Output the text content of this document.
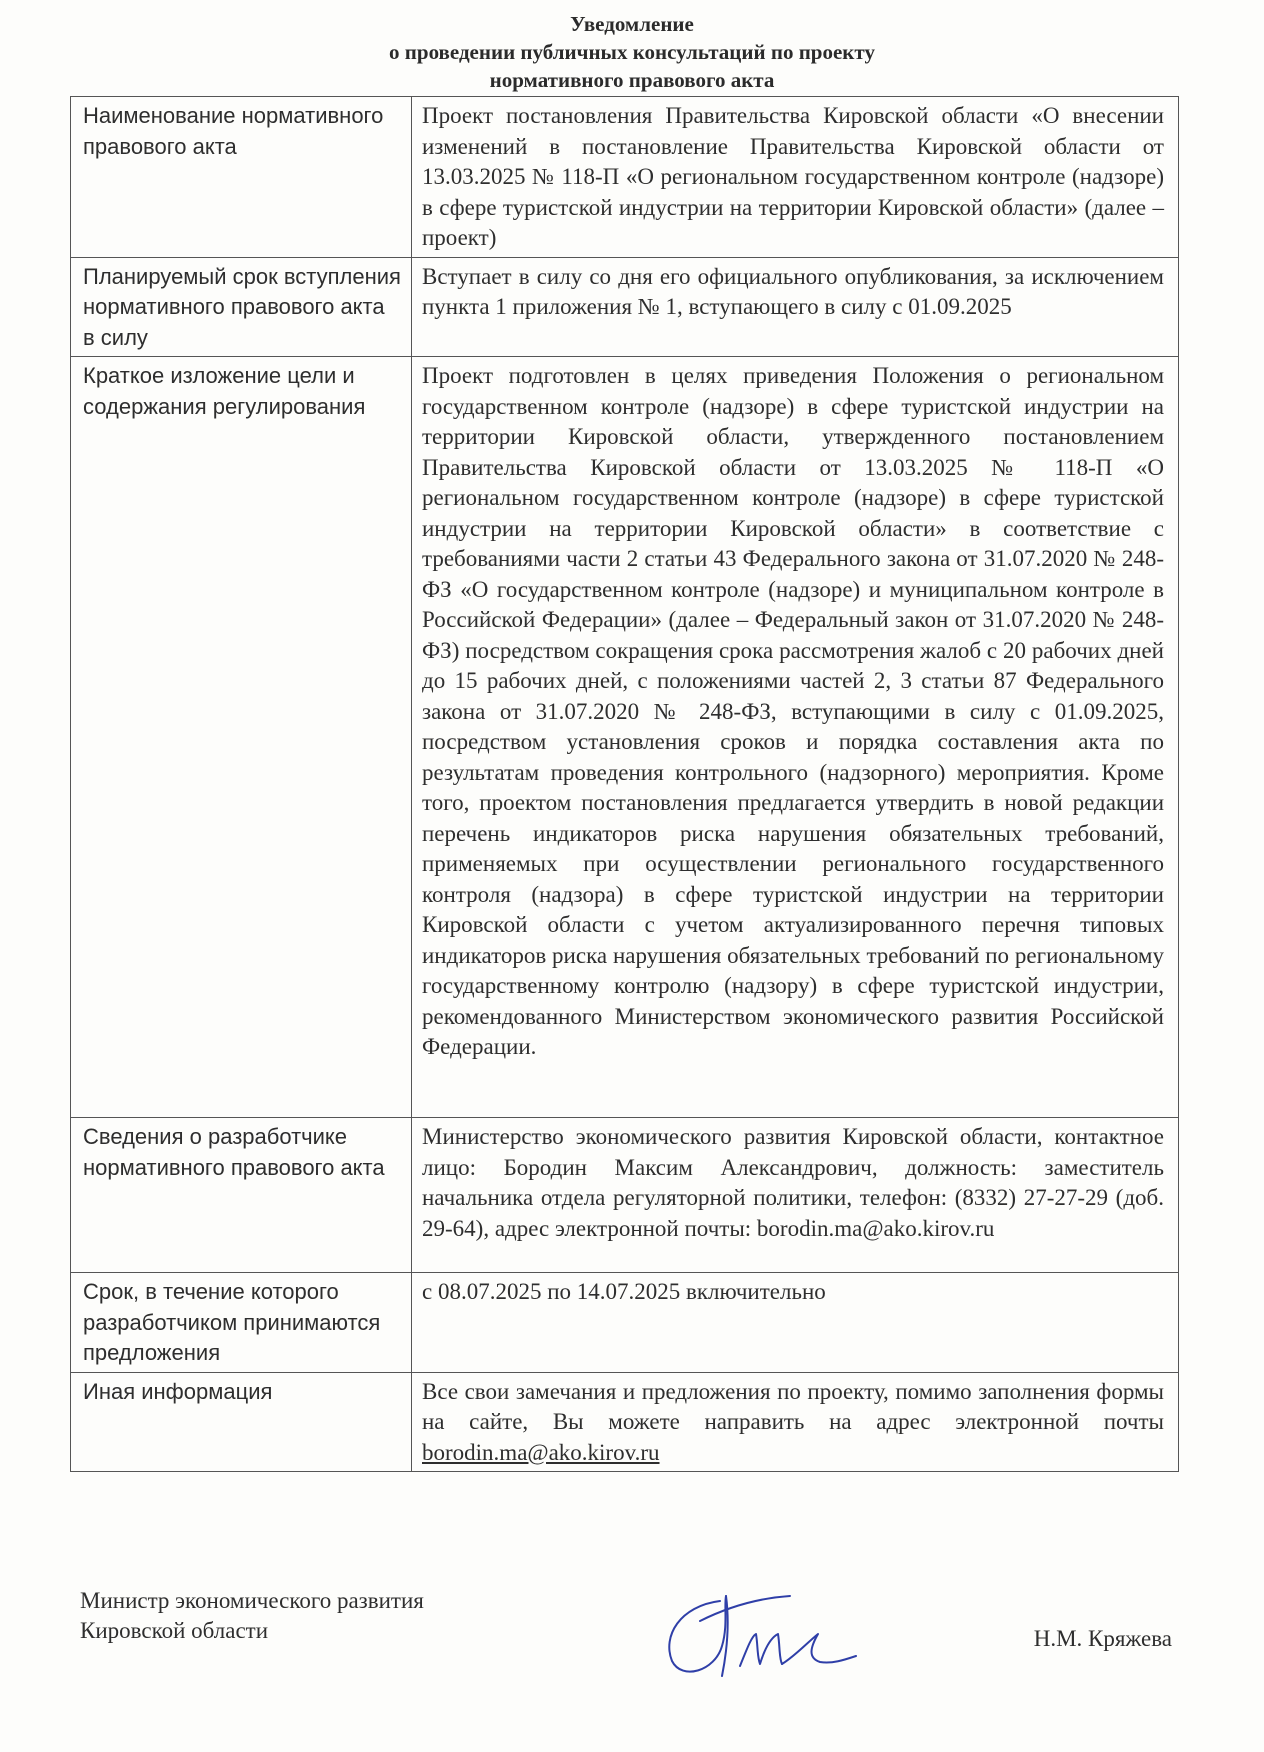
Уведомление
о проведении публичных консультаций по проекту
нормативного правового акта
Наименование нормативного правового акта	Проект постановления Правительства Кировской области «О внесении изменений в постановление Правительства Кировской области от 13.03.2025 № 118-П «О региональном государственном контроле (надзоре) в сфере туристской индустрии на территории Кировской области» (далее – проект)
Планируемый срок вступления нормативного правового акта в силу	Вступает в силу со дня его официального опубликования, за исключением пункта 1 приложения № 1, вступающего в силу с 01.09.2025
Краткое изложение цели и содержания регулирования	Проект подготовлен в целях приведения Положения о региональном государственном контроле (надзоре) в сфере туристской индустрии на территории Кировской области, утвержденного постановлением Правительства Кировской области от 13.03.2025 № 118-П «О региональном государственном контроле (надзоре) в сфере туристской индустрии на территории Кировской области» в соответствие с требованиями части 2 статьи 43 Федерального закона от 31.07.2020 № 248-ФЗ «О государственном контроле (надзоре) и муниципальном контроле в Российской Федерации» (далее – Федеральный закон от 31.07.2020 № 248-ФЗ) посредством сокращения срока рассмотрения жалоб с 20 рабочих дней до 15 рабочих дней, с положениями частей 2, 3 статьи 87 Федерального закона от 31.07.2020 № 248-ФЗ, вступающими в силу с 01.09.2025, посредством установления сроков и порядка составления акта по результатам проведения контрольного (надзорного) мероприятия. Кроме того, проектом постановления предлагается утвердить в новой редакции перечень индикаторов риска нарушения обязательных требований, применяемых при осуществлении регионального государственного контроля (надзора) в сфере туристской индустрии на территории Кировской области с учетом актуализированного перечня типовых индикаторов риска нарушения обязательных требований по региональному государственному контролю (надзору) в сфере туристской индустрии, рекомендованного Министерством экономического развития Российской Федерации.
Сведения о разработчике нормативного правового акта	Министерство экономического развития Кировской области, контактное лицо: Бородин Максим Александрович, должность: заместитель начальника отдела регуляторной политики, телефон: (8332) 27-27-29 (доб. 29-64), адрес электронной почты: borodin.ma@ako.kirov.ru
Срок, в течение которого разработчиком принимаются предложения	с 08.07.2025 по 14.07.2025 включительно
Иная информация	Все свои замечания и предложения по проекту, помимо заполнения формы на сайте, Вы можете направить на адрес электронной почты borodin.ma@ako.kirov.ru
Министр экономического развития
Кировской области	Н.М. Кряжева
